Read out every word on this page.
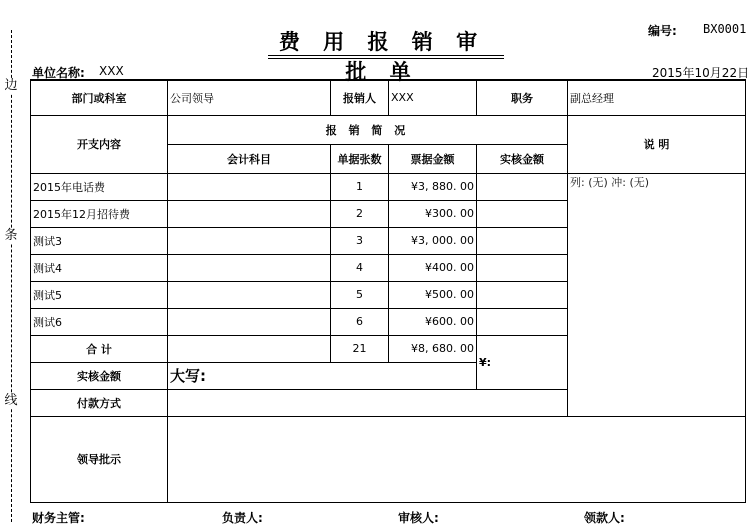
边
条
线
费 用 报 销 审 批 单
编号: BX0001
单位名称: XXX	2015年10月22日
部门或科室	公司领导	报销人	XXX	职务	副总经理
开支内容	报 销 简 况				说 明
	会计科目	单据张数	票据金额	实核金额	
2015年电话费		1	¥3, 880. 00		列: (无) 冲: (无)
2015年12月招待费		2	¥300. 00		
测试3		3	¥3, 000. 00		
测试4		4	¥400. 00		
测试5		5	¥500. 00		
测试6		6	¥600. 00		
合 计		21	¥8, 680. 00	¥:	
实核金额	大写:				
付款方式					
领导批示					
财务主管:	负责人:	审核人:	领款人:
